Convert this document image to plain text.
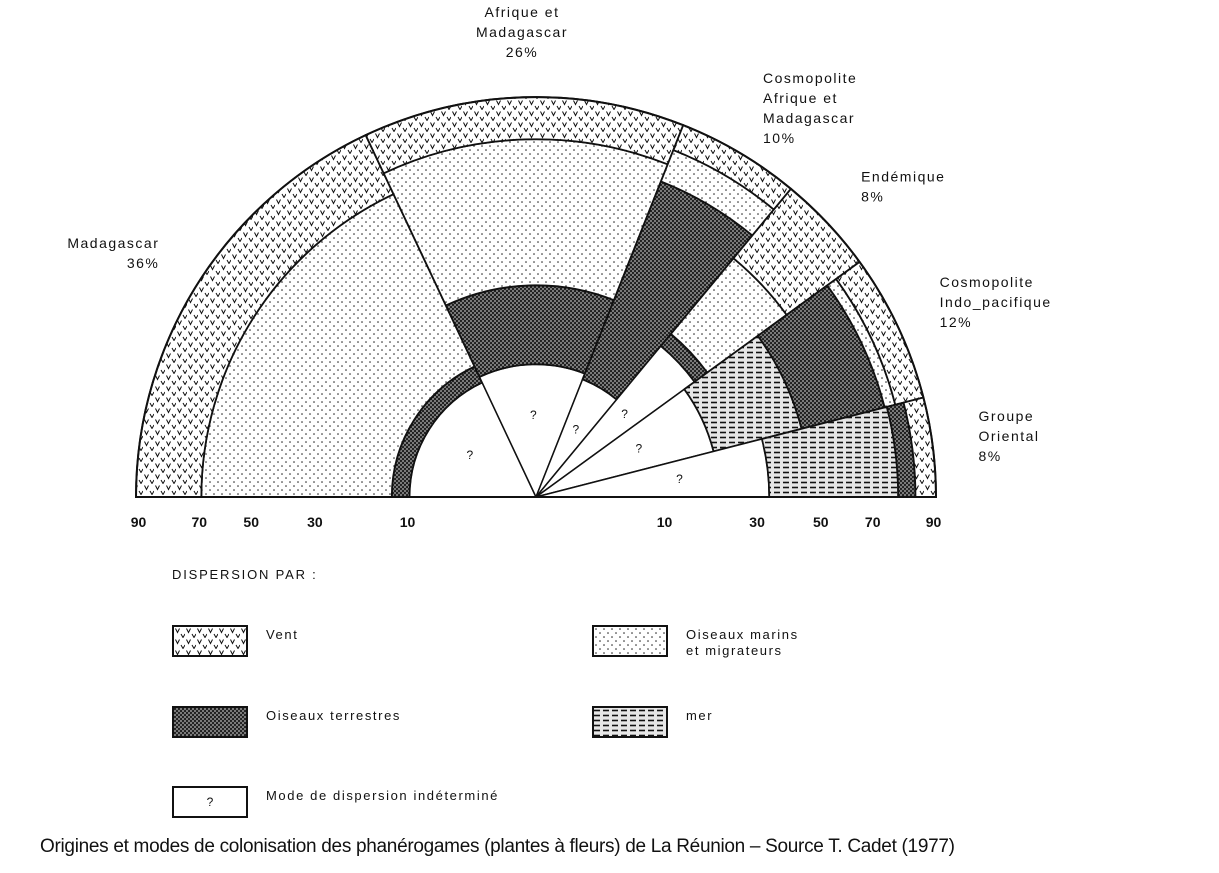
?
?
?
?
?
?
Madagascar 36%
Afrique et Madagascar 26%
Cosmopolite Afrique et Madagascar 10%
Endémique 8%
Cosmopolite Indo_pacifique 12%
Groupe Oriental 8%
90	70	50	30	10	10	30	50	70	90
DISPERSION PAR :
Vent	Oiseaux marins
et migrateurs
Oiseaux terrestres	mer
?	Mode de dispersion indéterminé
Origines et modes de colonisation des phanérogames (plantes à fleurs) de La Réunion – Source T. Cadet (1977)
